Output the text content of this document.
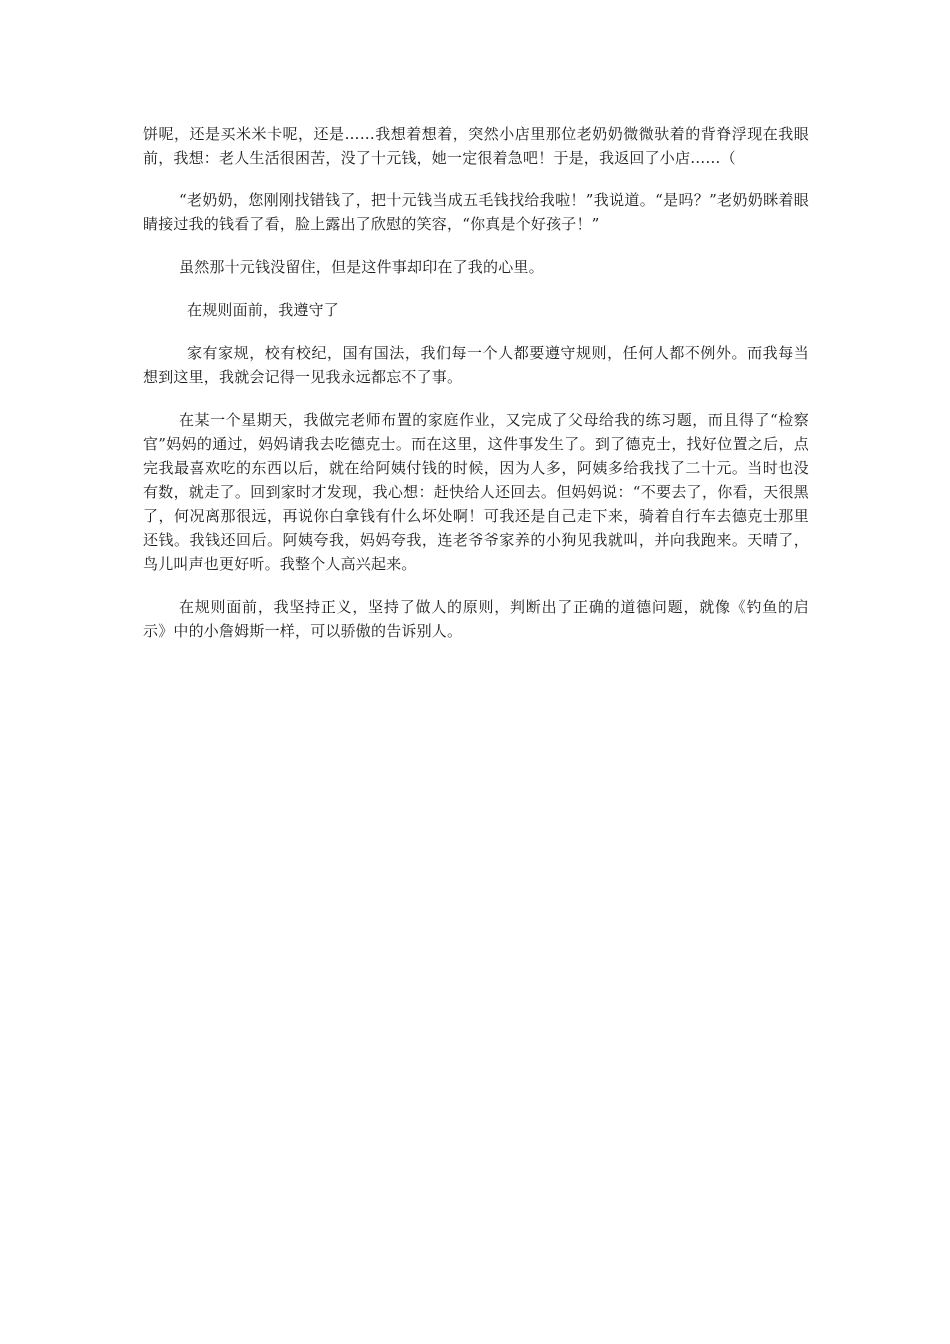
饼呢，还是买米米卡呢，还是……我想着想着，突然小店里那位老奶奶微微驮着的背脊浮现在我眼前，我想：老人生活很困苦，没了十元钱，她一定很着急吧！于是，我返回了小店……（

“老奶奶，您刚刚找错钱了，把十元钱当成五毛钱找给我啦！”我说道。“是吗？”老奶奶眯着眼睛接过我的钱看了看，脸上露出了欣慰的笑容，“你真是个好孩子！”

虽然那十元钱没留住，但是这件事却印在了我的心里。

在规则面前，我遵守了

家有家规，校有校纪，国有国法，我们每一个人都要遵守规则，任何人都不例外。而我每当想到这里，我就会记得一见我永远都忘不了事。

在某一个星期天，我做完老师布置的家庭作业，又完成了父母给我的练习题，而且得了“检察官”妈妈的通过，妈妈请我去吃德克士。而在这里，这件事发生了。到了德克士，找好位置之后，点完我最喜欢吃的东西以后，就在给阿姨付钱的时候，因为人多，阿姨多给我找了二十元。当时也没有数，就走了。回到家时才发现，我心想：赶快给人还回去。但妈妈说：“不要去了，你看，天很黑了，何况离那很远，再说你白拿钱有什么坏处啊！可我还是自己走下来，骑着自行车去德克士那里还钱。我钱还回后。阿姨夸我，妈妈夸我，连老爷爷家养的小狗见我就叫，并向我跑来。天晴了，鸟儿叫声也更好听。我整个人高兴起来。

在规则面前，我坚持正义，坚持了做人的原则，判断出了正确的道德问题，就像《钓鱼的启示》中的小詹姆斯一样，可以骄傲的告诉别人。
